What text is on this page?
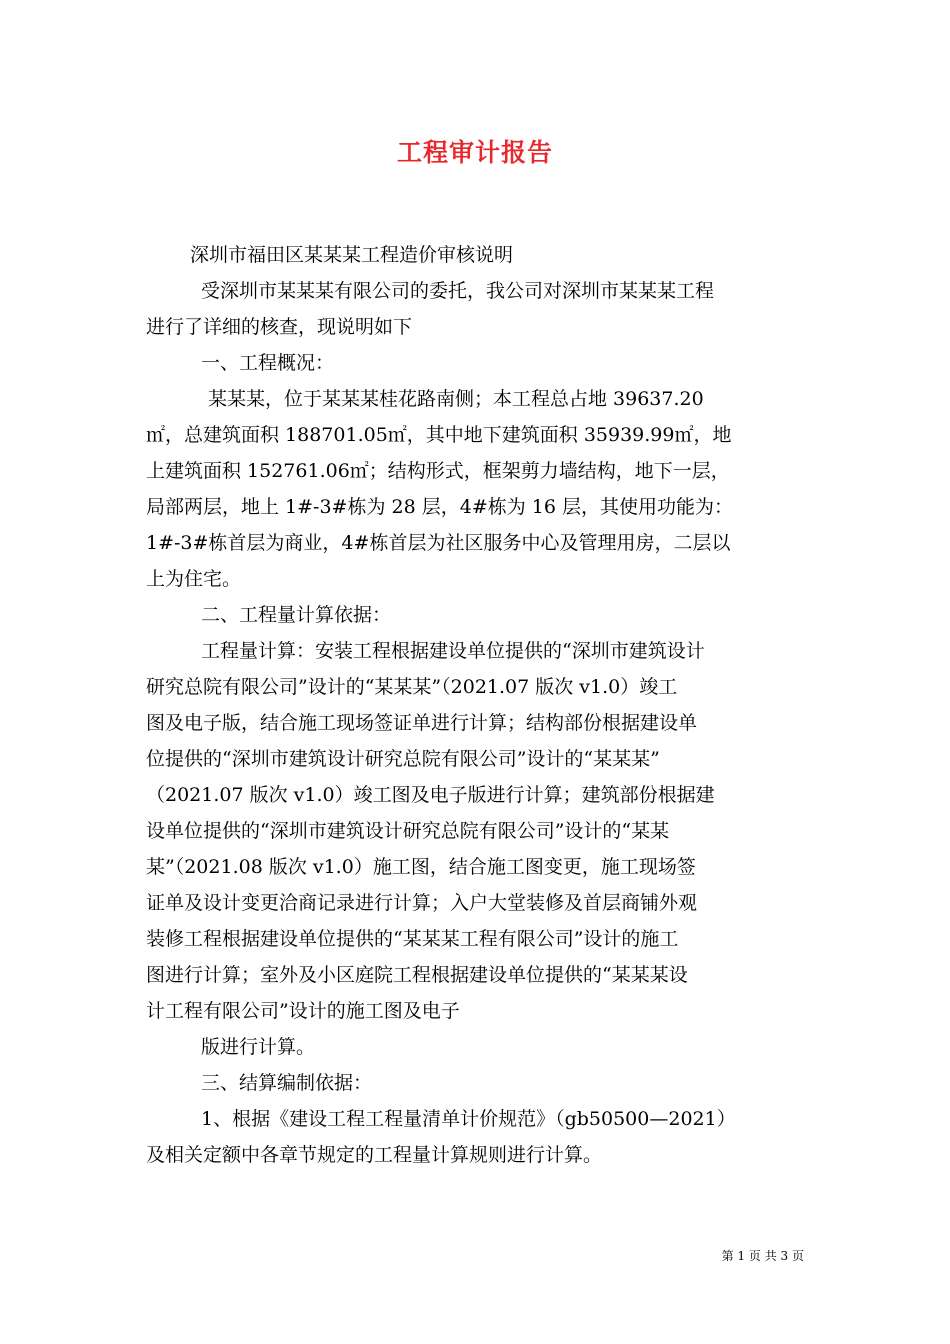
工程审计报告

深圳市福田区某某某工程造价审核说明

受深圳市某某某有限公司的委托，我公司对深圳市某某某工程

进行了详细的核查，现说明如下

一、工程概况：

某某某，位于某某某桂花路南侧；本工程总占地 39637.20

㎡，总建筑面积 188701.05㎡，其中地下建筑面积 35939.99㎡，地

上建筑面积 152761.06㎡；结构形式，框架剪力墙结构，地下一层，

局部两层，地上 1#-3#栋为 28 层，4#栋为 16 层，其使用功能为：

1#-3#栋首层为商业，4#栋首层为社区服务中心及管理用房，二层以

上为住宅。

二、工程量计算依据：

工程量计算：安装工程根据建设单位提供的“深圳市建筑设计

研究总院有限公司”设计的“某某某”（2021.07 版次 v1.0）竣工

图及电子版，结合施工现场签证单进行计算；结构部份根据建设单

位提供的“深圳市建筑设计研究总院有限公司”设计的“某某某”

（2021.07 版次 v1.0）竣工图及电子版进行计算；建筑部份根据建

设单位提供的“深圳市建筑设计研究总院有限公司”设计的“某某

某”（2021.08 版次 v1.0）施工图，结合施工图变更，施工现场签

证单及设计变更洽商记录进行计算；入户大堂装修及首层商铺外观

装修工程根据建设单位提供的“某某某工程有限公司”设计的施工

图进行计算；室外及小区庭院工程根据建设单位提供的“某某某设

计工程有限公司”设计的施工图及电子

版进行计算。

三、结算编制依据：

1、根据《建设工程工程量清单计价规范》（gb50500—2021）

及相关定额中各章节规定的工程量计算规则进行计算。

第 1 页 共 3 页
